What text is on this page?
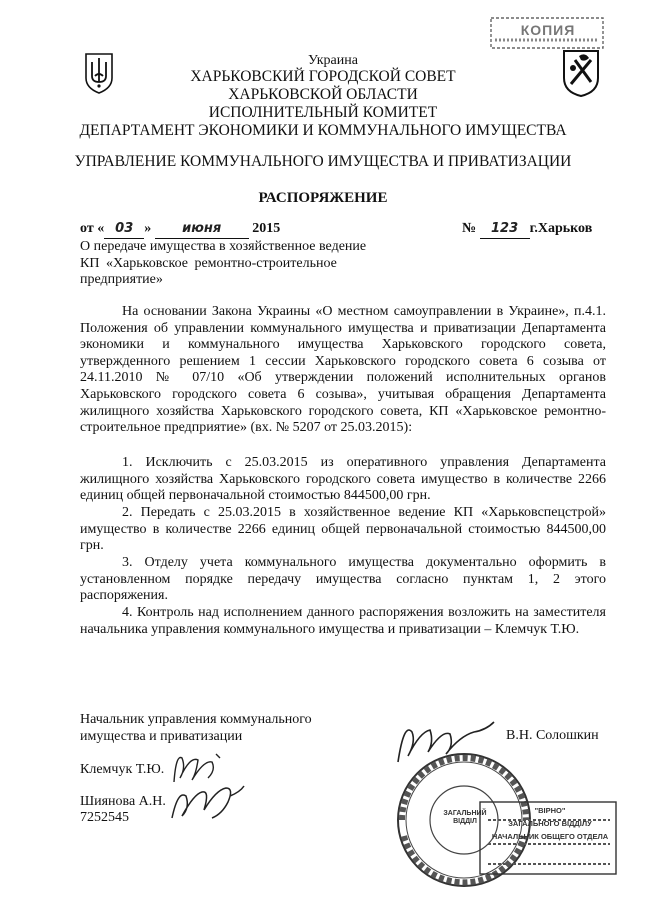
КОПИЯ
Украина
ХАРЬКОВСКИЙ ГОРОДСКОЙ СОВЕТ
ХАРЬКОВСКОЙ ОБЛАСТИ
ИСПОЛНИТЕЛЬНЫЙ КОМИТЕТ
ДЕПАРТАМЕНТ ЭКОНОМИКИ И КОММУНАЛЬНОГО ИМУЩЕСТВА
УПРАВЛЕНИЕ КОММУНАЛЬНОГО ИМУЩЕСТВА И ПРИВАТИЗАЦИИ
РАСПОРЯЖЕНИЕ
от « 03 » июня 2015	№ 123 г.Харьков
О передаче имущества в хозяйственное ведение
КП «Харьковское ремонтно-строительное
предприятие»
На основании Закона Украины «О местном самоуправлении в Украине», п.4.1. Положения об управлении коммунального имущества и приватизации Департамента экономики и коммунального имущества Харьковского городского совета, утвержденного решением 1 сессии Харьковского городского совета 6 созыва от 24.11.2010 № 07/10 «Об утверждении положений исполнительных органов Харьковского городского совета 6 созыва», учитывая обращения Департамента жилищного хозяйства Харьковского городского совета, КП «Харьковское ремонтно-строительное предприятие» (вх. № 5207 от 25.03.2015):
1. Исключить с 25.03.2015 из оперативного управления Департамента жилищного хозяйства Харьковского городского совета имущество в количестве 2266 единиц общей первоначальной стоимостью 844500,00 грн.
2. Передать с 25.03.2015 в хозяйственное ведение КП «Харьковспецстрой» имущество в количестве 2266 единиц общей первоначальной стоимостью 844500,00 грн.
3. Отделу учета коммунального имущества документально оформить в установленном порядке передачу имущества согласно пунктам 1, 2 этого распоряжения.
4. Контроль над исполнением данного распоряжения возложить на заместителя начальника управления коммунального имущества и приватизации – Клемчук Т.Ю.
Начальник управления коммунального
имущества и приватизации	В.Н. Солошкин
Клемчук Т.Ю.
Шиянова А.Н.
7252545	ЗАГАЛЬНИЙ ВІДДІЛ
"ВІРНО"
ЗАГАЛЬНОГО ВІДДІЛУ
НАЧАЛЬНИК ОБЩЕГО ОТДЕЛА
